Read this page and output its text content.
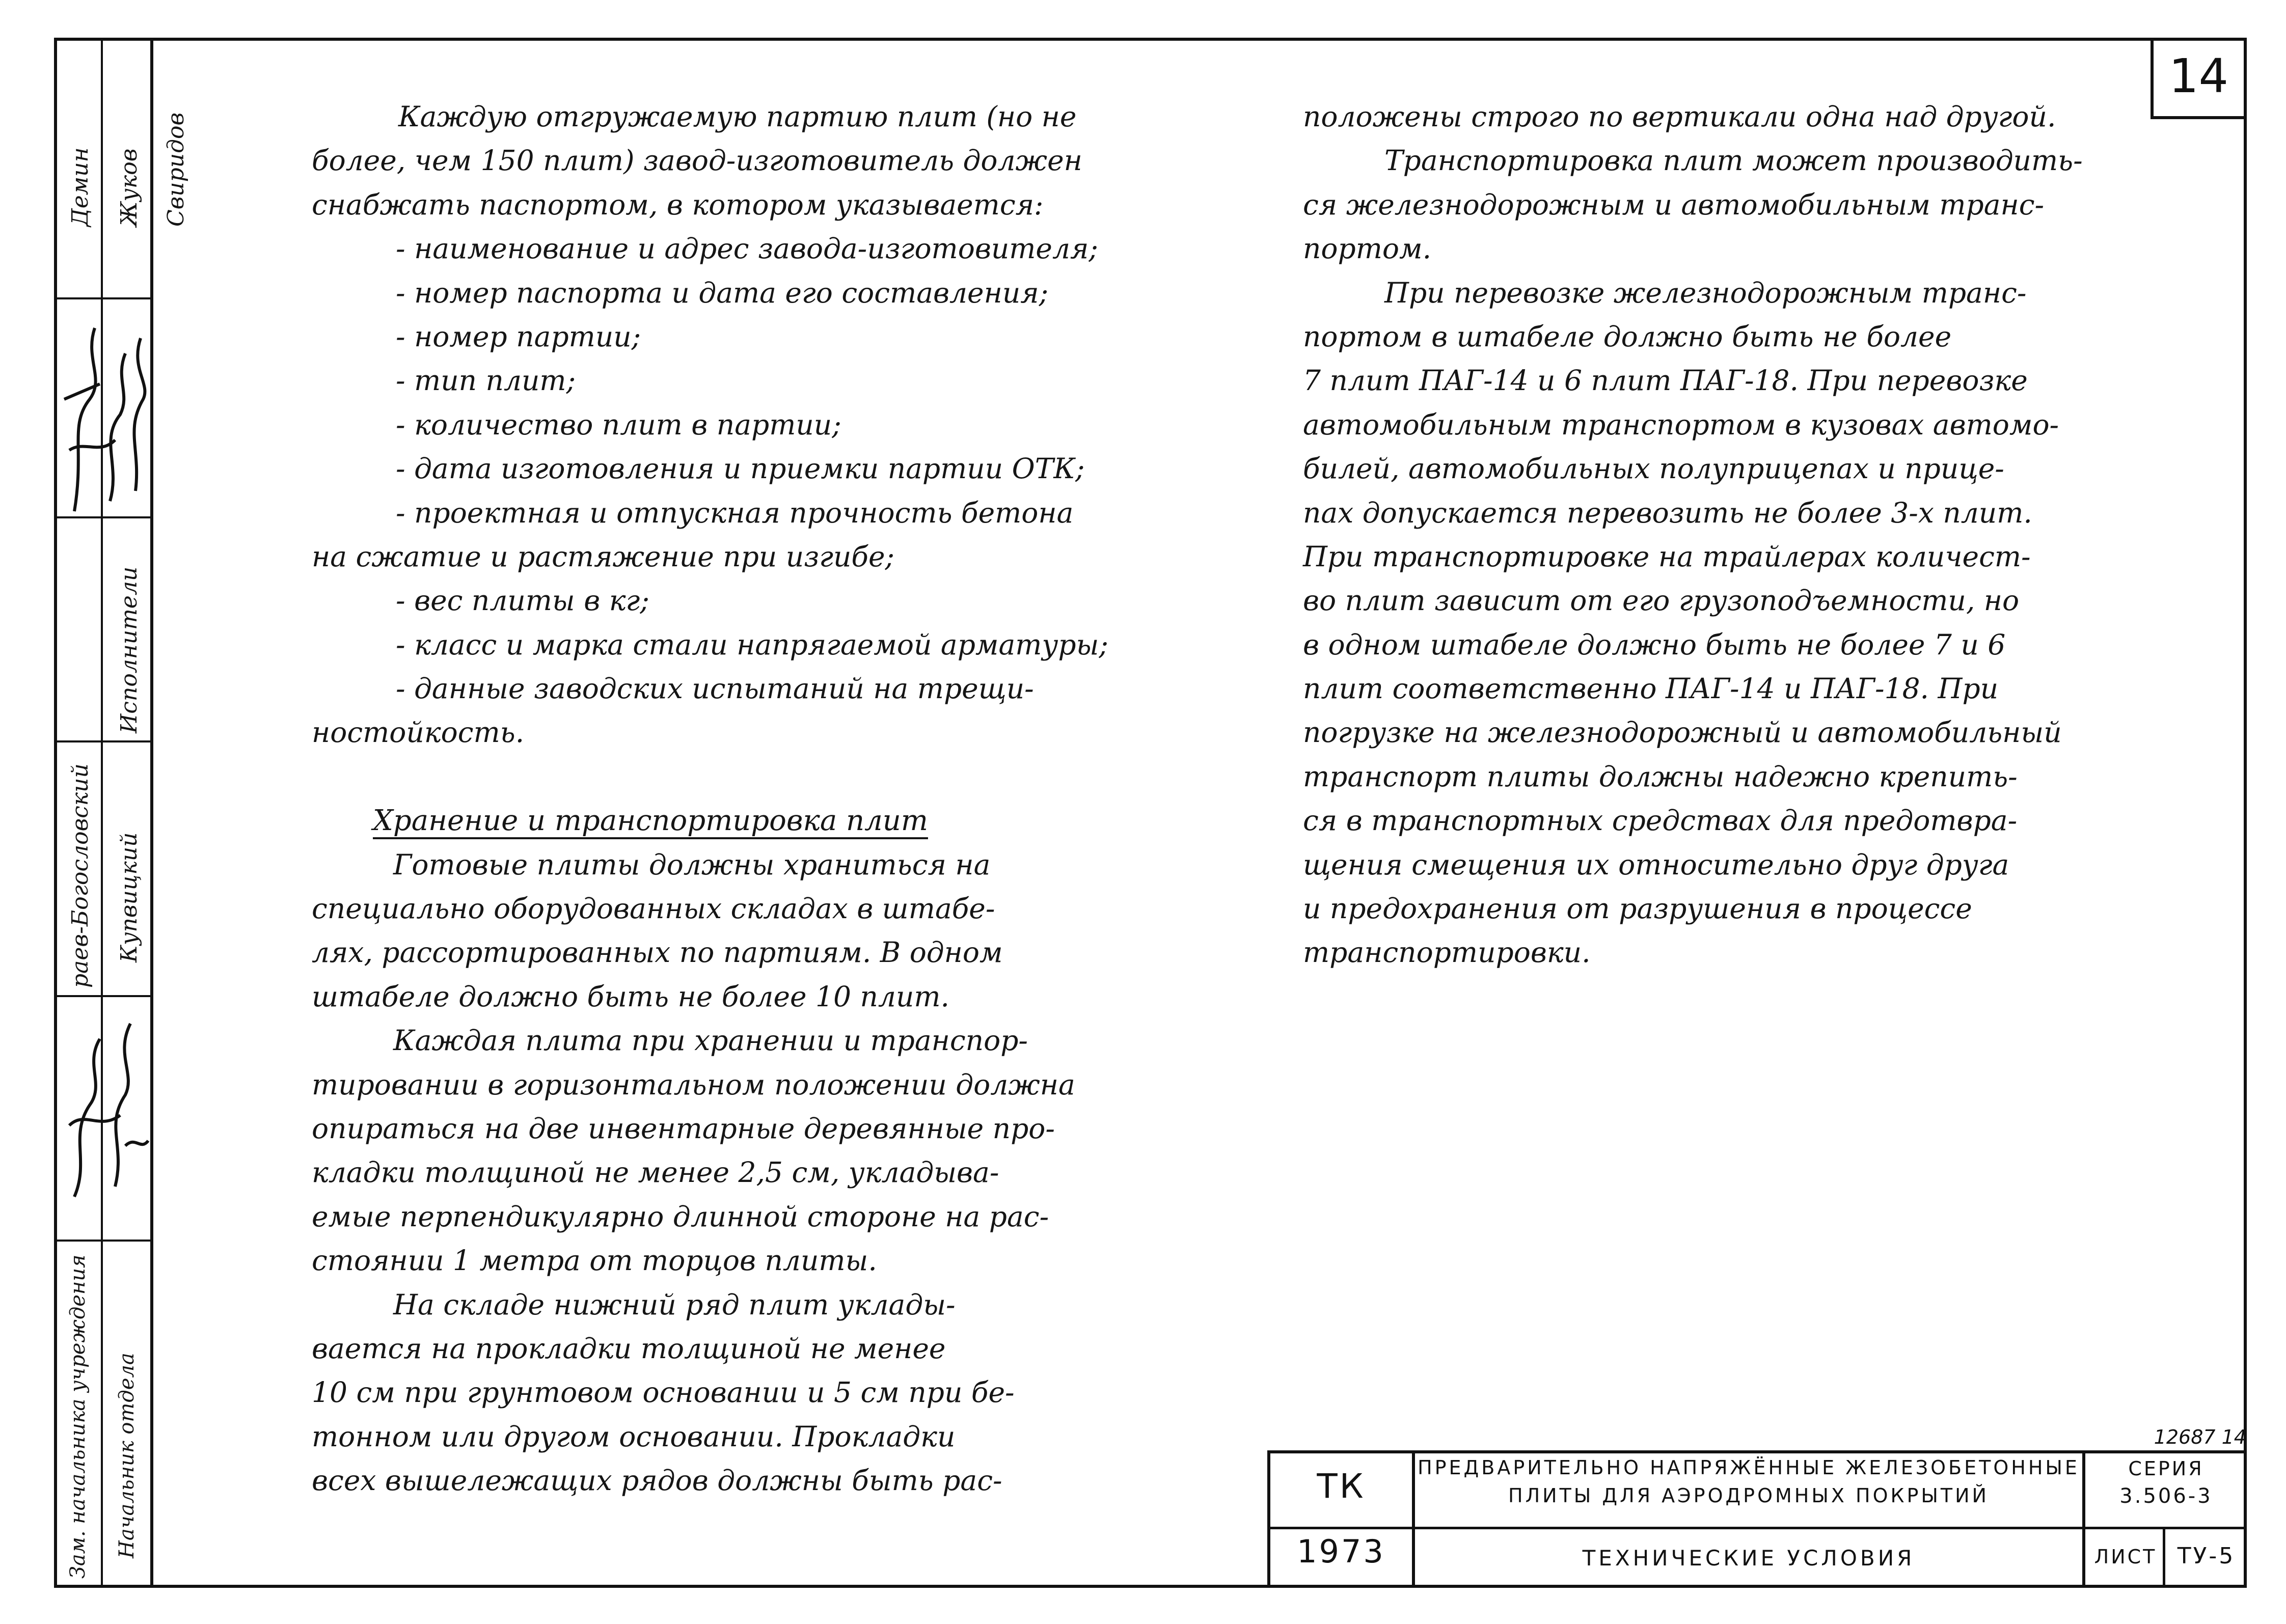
14
Демин Жуков Свиридов
Исполнители
раев-Богословский Купвицкий
Зам. начальника учреждения Начальник отдела
Каждую отгружаемую партию плит (но не
более, чем 150 плит) завод-изготовитель должен
снабжать паспортом, в котором указывается:
- наименование и адрес завода-изготовителя;
- номер паспорта и дата его составления;
- номер партии;
- тип плит;
- количество плит в партии;
- дата изготовления и приемки партии ОТК;
- проектная и отпускная прочность бетона
на сжатие и растяжение при изгибе;
- вес плиты в кг;
- класс и марка стали напрягаемой арматуры;
- данные заводских испытаний на трещи-
ностойкость.
Хранение и транспортировка плит
Готовые плиты должны храниться на
специально оборудованных складах в штабе-
лях, рассортированных по партиям. В одном
штабеле должно быть не более 10 плит.
Каждая плита при хранении и транспор-
тировании в горизонтальном положении должна
опираться на две инвентарные деревянные про-
кладки толщиной не менее 2,5 см, укладыва-
емые перпендикулярно длинной стороне на рас-
стоянии 1 метра от торцов плиты.
На складе нижний ряд плит уклады-
вается на прокладки толщиной не менее
10 см при грунтовом основании и 5 см при бе-
тонном или другом основании. Прокладки
всех вышележащих рядов должны быть рас-
положены строго по вертикали одна над другой.
Транспортировка плит может производить-
ся железнодорожным и автомобильным транс-
портом.
При перевозке железнодорожным транс-
портом в штабеле должно быть не более
7 плит ПАГ-14 и 6 плит ПАГ-18. При перевозке
автомобильным транспортом в кузовах автомо-
билей, автомобильных полуприцепах и прице-
пах допускается перевозить не более 3-х плит.
При транспортировке на трайлерах количест-
во плит зависит от его грузоподъемности, но
в одном штабеле должно быть не более 7 и 6
плит соответственно ПАГ-14 и ПАГ-18. При
погрузке на железнодорожный и автомобильный
транспорт плиты должны надежно крепить-
ся в транспортных средствах для предотвра-
щения смещения их относительно друг друга
и предохранения от разрушения в процессе
транспортировки.
12687 14
ТК
1973
ПРЕДВАРИТЕЛЬНО НАПРЯЖЁННЫЕ ЖЕЛЕЗОБЕТОННЫЕ
ПЛИТЫ ДЛЯ АЭРОДРОМНЫХ ПОКРЫТИЙ
ТЕХНИЧЕСКИЕ УСЛОВИЯ
СЕРИЯ
3.506-3
ЛИСТ ТУ-5
